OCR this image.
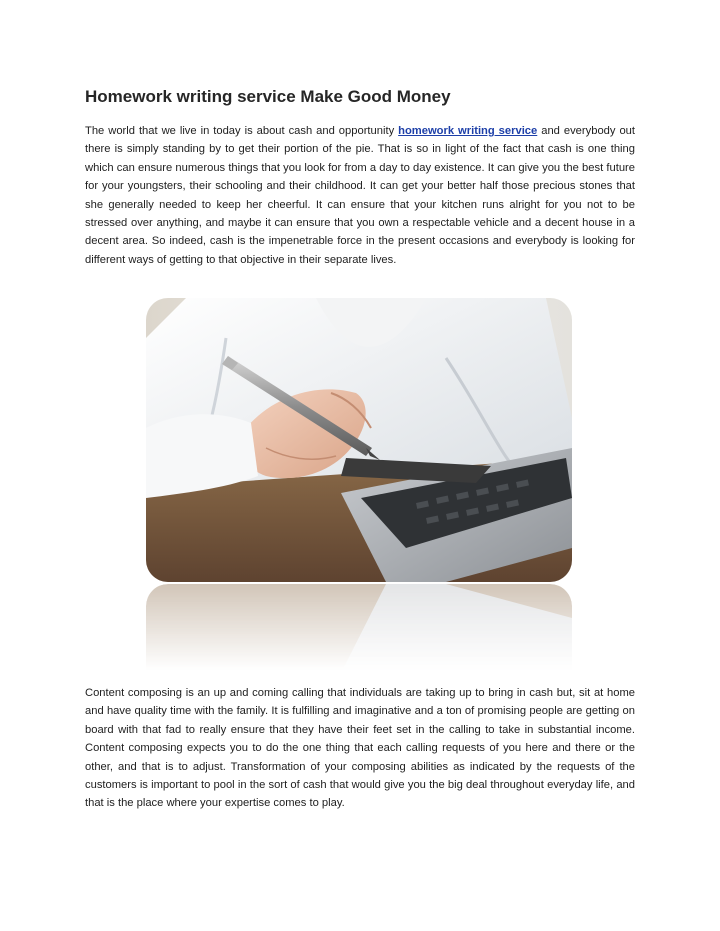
Homework writing service Make Good Money

The world that we live in today is about cash and opportunity homework writing service and everybody out there is simply standing by to get their portion of the pie. That is so in light of the fact that cash is one thing which can ensure numerous things that you look for from a day to day existence. It can give you the best future for your youngsters, their schooling and their childhood. It can get your better half those precious stones that she generally needed to keep her cheerful. It can ensure that your kitchen runs alright for you not to be stressed over anything, and maybe it can ensure that you own a respectable vehicle and a decent house in a decent area. So indeed, cash is the impenetrable force in the present occasions and everybody is looking for different ways of getting to that objective in their separate lives.

Content composing is an up and coming calling that individuals are taking up to bring in cash but, sit at home and have quality time with the family. It is fulfilling and imaginative and a ton of promising people are getting on board with that fad to really ensure that they have their feet set in the calling to take in substantial income. Content composing expects you to do the one thing that each calling requests of you here and there or the other, and that is to adjust. Transformation of your composing abilities as indicated by the requests of the customers is important to pool in the sort of cash that would give you the big deal throughout everyday life, and that is the place where your expertise comes to play.
